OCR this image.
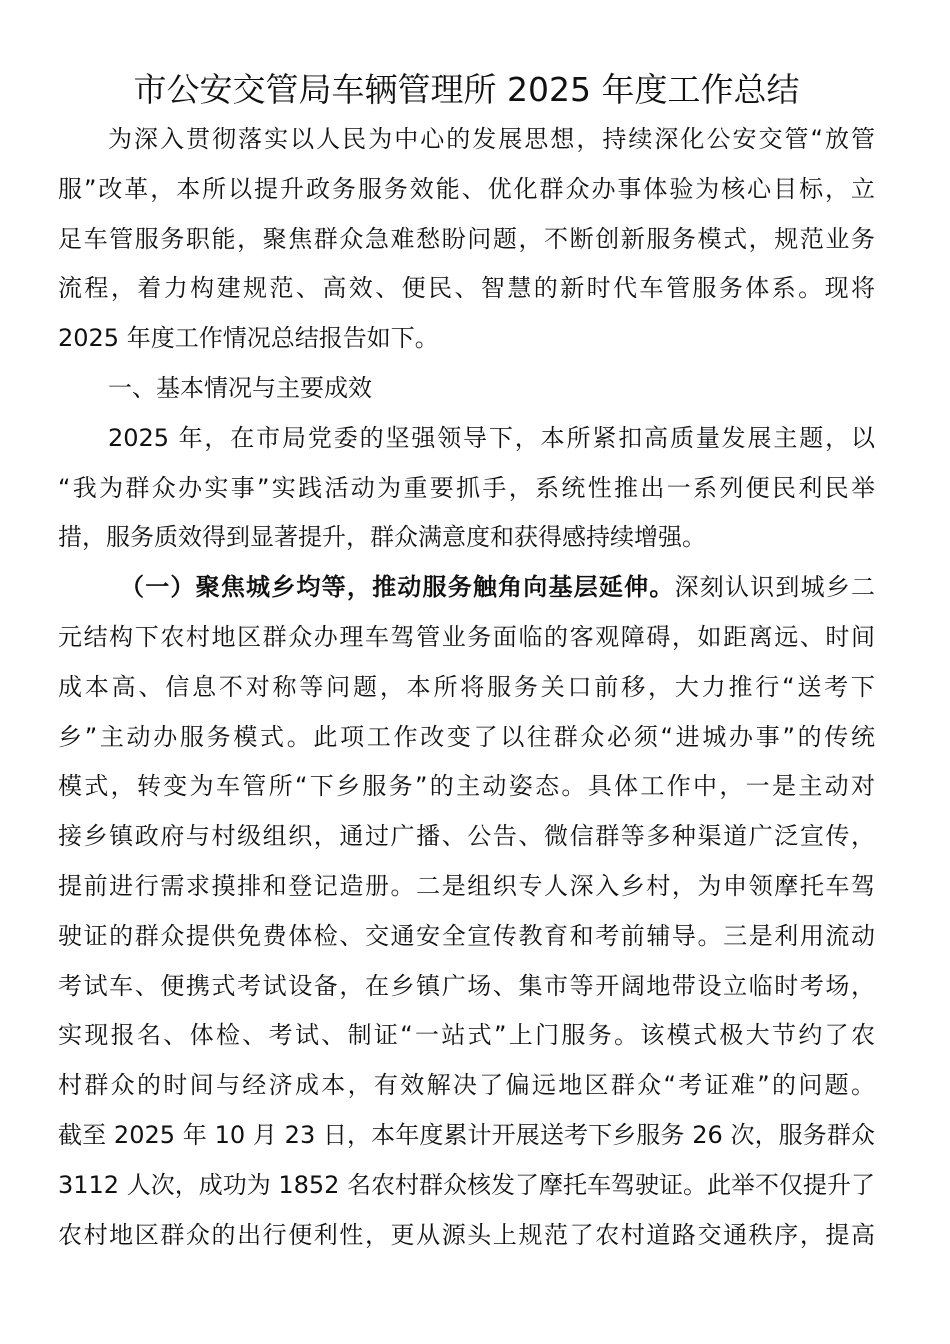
市公安交管局车辆管理所 2025 年度工作总结
为深入贯彻落实以人民为中心的发展思想，持续深化公安交管“放管
服”改革，本所以提升政务服务效能、优化群众办事体验为核心目标，立
足车管服务职能，聚焦群众急难愁盼问题，不断创新服务模式，规范业务
流程，着力构建规范、高效、便民、智慧的新时代车管服务体系。现将
2025 年度工作情况总结报告如下。
一、基本情况与主要成效
2025 年，在市局党委的坚强领导下，本所紧扣高质量发展主题，以
“我为群众办实事”实践活动为重要抓手，系统性推出一系列便民利民举
措，服务质效得到显著提升，群众满意度和获得感持续增强。
（一）聚焦城乡均等，推动服务触角向基层延伸。深刻认识到城乡二
元结构下农村地区群众办理车驾管业务面临的客观障碍，如距离远、时间
成本高、信息不对称等问题，本所将服务关口前移，大力推行“送考下
乡”主动办服务模式。此项工作改变了以往群众必须“进城办事”的传统
模式，转变为车管所“下乡服务”的主动姿态。具体工作中，一是主动对
接乡镇政府与村级组织，通过广播、公告、微信群等多种渠道广泛宣传，
提前进行需求摸排和登记造册。二是组织专人深入乡村，为申领摩托车驾
驶证的群众提供免费体检、交通安全宣传教育和考前辅导。三是利用流动
考试车、便携式考试设备，在乡镇广场、集市等开阔地带设立临时考场，
实现报名、体检、考试、制证“一站式”上门服务。该模式极大节约了农
村群众的时间与经济成本，有效解决了偏远地区群众“考证难”的问题。
截至 2025 年 10 月 23 日，本年度累计开展送考下乡服务 26 次，服务群众
3112 人次，成功为 1852 名农村群众核发了摩托车驾驶证。此举不仅提升了
农村地区群众的出行便利性，更从源头上规范了农村道路交通秩序，提高
